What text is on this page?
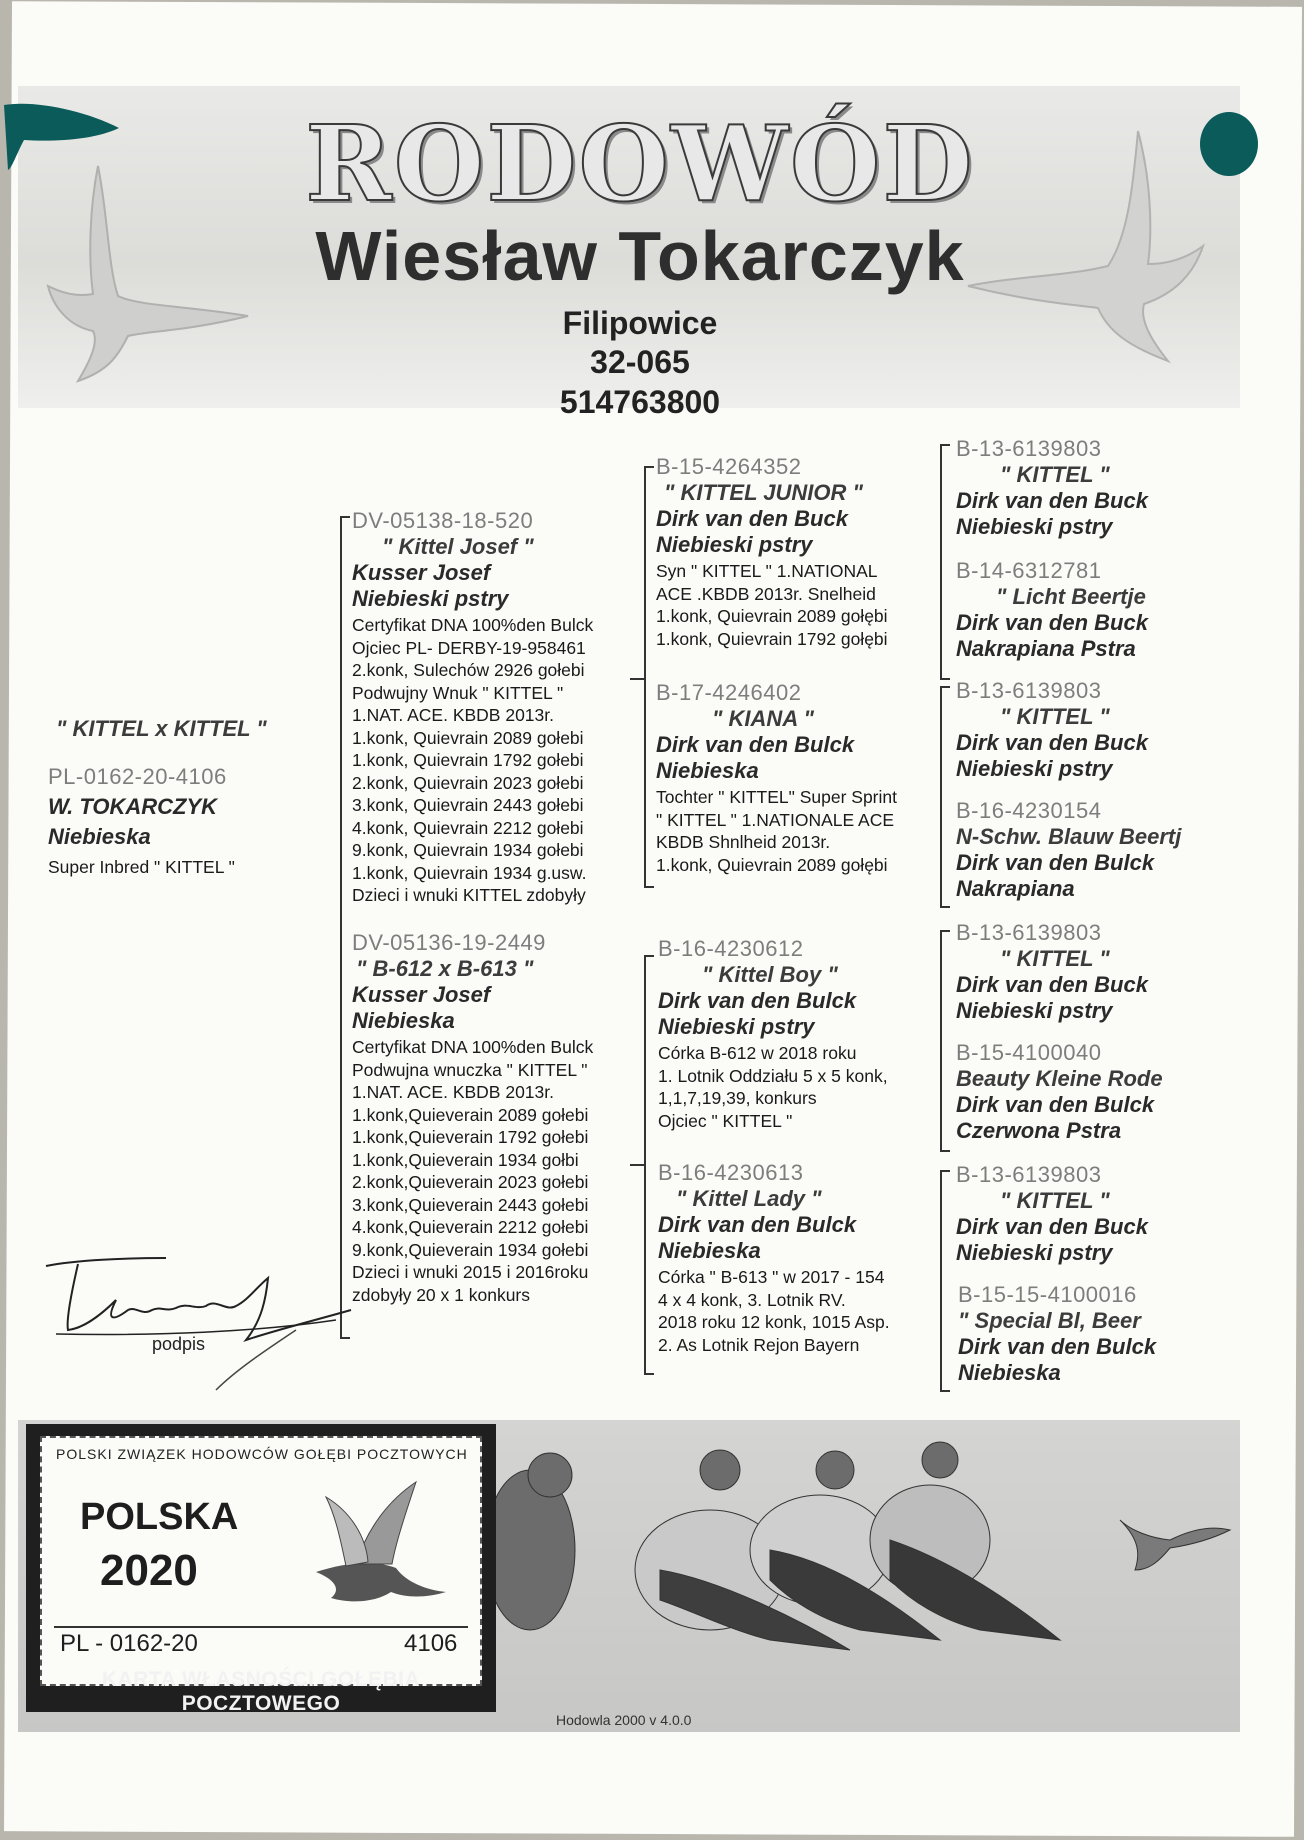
RODOWÓD
Wiesław Tokarczyk
Filipowice
32-065
514763800
" KITTEL x KITTEL "
PL-0162-20-4106
W. TOKARCZYK
Niebieska
Super Inbred " KITTEL "
DV-05138-18-520
" Kittel Josef "
Kusser Josef
Niebieski pstry
Certyfikat DNA 100%den Bulck
Ojciec PL- DERBY-19-958461
2.konk, Sulechów 2926 gołebi
Podwujny Wnuk " KITTEL "
1.NAT. ACE. KBDB 2013r.
1.konk, Quievrain 2089 gołebi
1.konk, Quievrain 1792 gołebi
2.konk, Quievrain 2023 gołebi
3.konk, Quievrain 2443 gołebi
4.konk, Quievrain 2212 gołebi
9.konk, Quievrain 1934 gołebi
1.konk, Quievrain 1934 g.usw.
Dzieci i wnuki KITTEL zdobyły
DV-05136-19-2449
" B-612 x B-613 "
Kusser Josef
Niebieska
Certyfikat DNA 100%den Bulck
Podwujna wnuczka " KITTEL "
1.NAT. ACE. KBDB 2013r.
1.konk,Quieverain 2089 gołebi
1.konk,Quieverain 1792 gołebi
1.konk,Quieverain 1934 gołbi
2.konk,Quieverain 2023 gołebi
3.konk,Quieverain 2443 gołebi
4.konk,Quieverain 2212 gołebi
9.konk,Quieverain 1934 gołebi
Dzieci i wnuki 2015 i 2016roku
zdobyły 20 x 1 konkurs
B-15-4264352
" KITTEL JUNIOR "
Dirk van den Buck
Niebieski pstry
Syn " KITTEL " 1.NATIONAL
ACE .KBDB 2013r. Snelheid
1.konk, Quievrain 2089 gołębi
1.konk, Quievrain 1792 gołębi
B-17-4246402
" KIANA "
Dirk van den Bulck
Niebieska
Tochter " KITTEL" Super Sprint
" KITTEL " 1.NATIONALE ACE
KBDB Shnlheid 2013r.
1.konk, Quievrain 2089 gołębi
B-16-4230612
" Kittel Boy "
Dirk van den Bulck
Niebieski pstry
Córka B-612 w 2018 roku
1. Lotnik Oddziału 5 x 5 konk,
1,1,7,19,39, konkurs
Ojciec " KITTEL "
B-16-4230613
" Kittel Lady "
Dirk van den Bulck
Niebieska
Córka " B-613 " w 2017 - 154
4 x 4 konk, 3. Lotnik RV.
2018 roku 12 konk, 1015 Asp.
2. As Lotnik Rejon Bayern
B-13-6139803
" KITTEL "
Dirk van den Buck
Niebieski pstry
B-14-6312781
" Licht Beertje
Dirk van den Buck
Nakrapiana Pstra
B-13-6139803
" KITTEL "
Dirk van den Buck
Niebieski pstry
B-16-4230154
N-Schw. Blauw Beertj
Dirk van den Bulck
Nakrapiana
B-13-6139803
" KITTEL "
Dirk van den Buck
Niebieski pstry
B-15-4100040
Beauty Kleine Rode
Dirk van den Bulck
Czerwona Pstra
B-13-6139803
" KITTEL "
Dirk van den Buck
Niebieski pstry
B-15-15-4100016
" Special Bl, Beer
Dirk van den Bulck
Niebieska
podpis
POLSKI ZWIĄZEK HODOWCÓW GOŁĘBI POCZTOWYCH
POLSKA
2020
PL - 0162-20	4106
KARTA WŁASNOŚCI GOŁĘBIA POCZTOWEGO
Hodowla 2000 v 4.0.0
